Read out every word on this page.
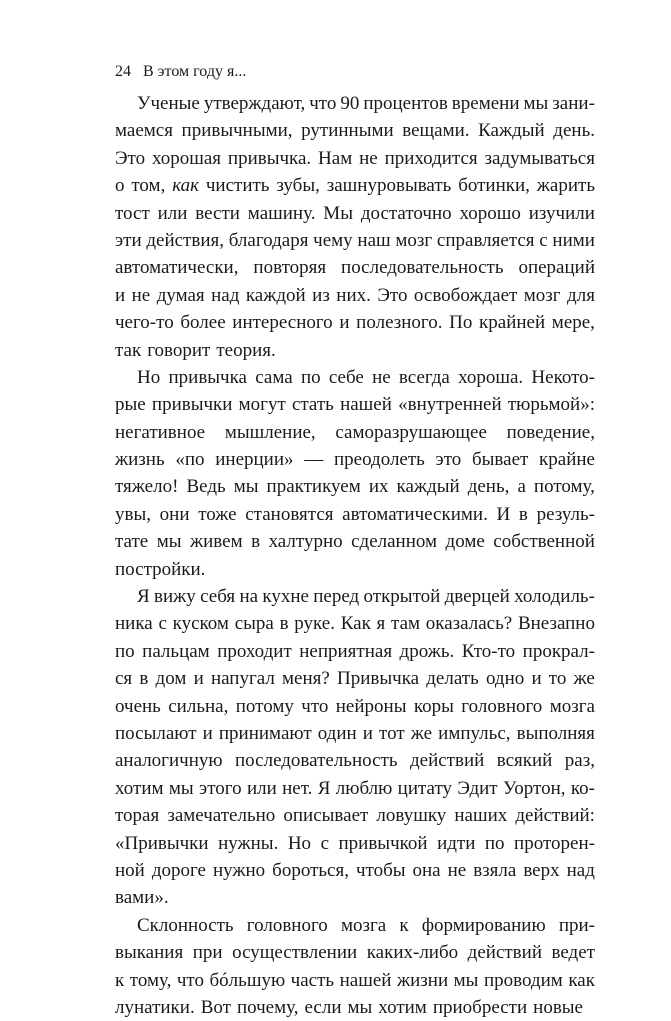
24 В этом году я...
Ученые утверждают, что 90 процентов времени мы зани-
маемся привычными, рутинными вещами. Каждый день.
Это хорошая привычка. Нам не приходится задумываться
о том, как чистить зубы, зашнуровывать ботинки, жарить
тост или вести машину. Мы достаточно хорошо изучили
эти действия, благодаря чему наш мозг справляется с ними
автоматически, повторяя последовательность операций
и не думая над каждой из них. Это освобождает мозг для
чего-то более интересного и полезного. По крайней мере,
так говорит теория.
Но привычка сама по себе не всегда хороша. Некото-
рые привычки могут стать нашей «внутренней тюрьмой»:
негативное мышление, саморазрушающее поведение,
жизнь «по инерции» — преодолеть это бывает крайне
тяжело! Ведь мы практикуем их каждый день, а потому,
увы, они тоже становятся автоматическими. И в резуль-
тате мы живем в халтурно сделанном доме собственной
постройки.
Я вижу себя на кухне перед открытой дверцей холодиль-
ника с куском сыра в руке. Как я там оказалась? Внезапно
по пальцам проходит неприятная дрожь. Кто-то прокрал-
ся в дом и напугал меня? Привычка делать одно и то же
очень сильна, потому что нейроны коры головного мозга
посылают и принимают один и тот же импульс, выполняя
аналогичную последовательность действий всякий раз,
хотим мы этого или нет. Я люблю цитату Эдит Уортон, ко-
торая замечательно описывает ловушку наших действий:
«Привычки нужны. Но с привычкой идти по проторен-
ной дороге нужно бороться, чтобы она не взяла верх над
вами».
Склонность головного мозга к формированию при-
выкания при осуществлении каких-либо действий ведет
к тому, что бóльшую часть нашей жизни мы проводим как
лунатики. Вот почему, если мы хотим приобрести новые
